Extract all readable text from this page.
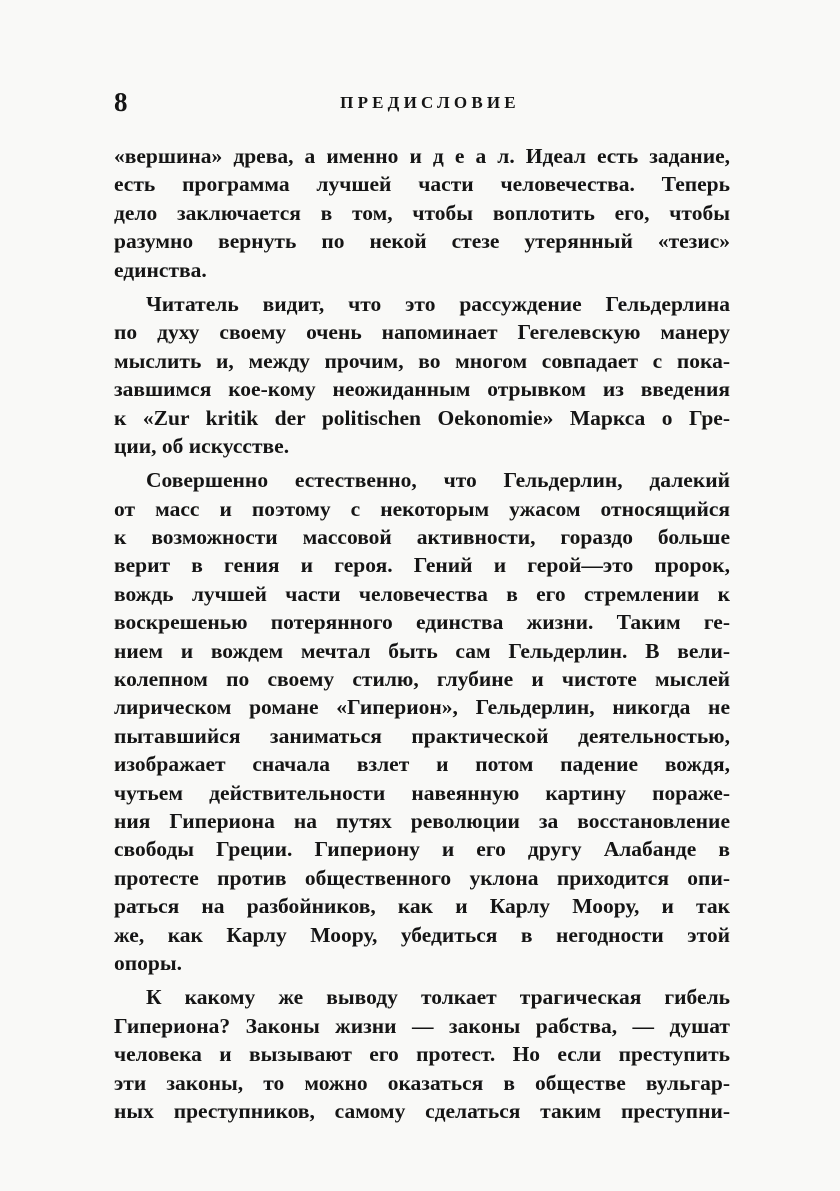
8	ПРЕДИСЛОВИЕ
«вершина» древа, а именно и д е а л. Идеал есть задание,
есть программа лучшей части человечества. Теперь
дело заключается в том, чтобы воплотить его, чтобы
разумно вернуть по некой стезе утерянный «тезис»
единства.
Читатель видит, что это рассуждение Гельдерлина
по духу своему очень напоминает Гегелевскую манеру
мыслить и, между прочим, во многом совпадает с пока-
завшимся кое-кому неожиданным отрывком из введения
к «Zur kritik der politischen Oekonomie» Маркса о Гре-
ции, об искусстве.
Совершенно естественно, что Гельдерлин, далекий
от масс и поэтому с некоторым ужасом относящийся
к возможности массовой активности, гораздо больше
верит в гения и героя. Гений и герой—это пророк,
вождь лучшей части человечества в его стремлении к
воскрешенью потерянного единства жизни. Таким ге-
нием и вождем мечтал быть сам Гельдерлин. В вели-
колепном по своему стилю, глубине и чистоте мыслей
лирическом романе «Гиперион», Гельдерлин, никогда не
пытавшийся заниматься практической деятельностью,
изображает сначала взлет и потом падение вождя,
чутьем действительности навеянную картину пораже-
ния Гипериона на путях революции за восстановление
свободы Греции. Гипериону и его другу Алабанде в
протесте против общественного уклона приходится опи-
раться на разбойников, как и Карлу Моору, и так
же, как Карлу Моору, убедиться в негодности этой
опоры.
К какому же выводу толкает трагическая гибель
Гипериона? Законы жизни — законы рабства, — душат
человека и вызывают его протест. Но если преступить
эти законы, то можно оказаться в обществе вульгар-
ных преступников, самому сделаться таким преступни-
